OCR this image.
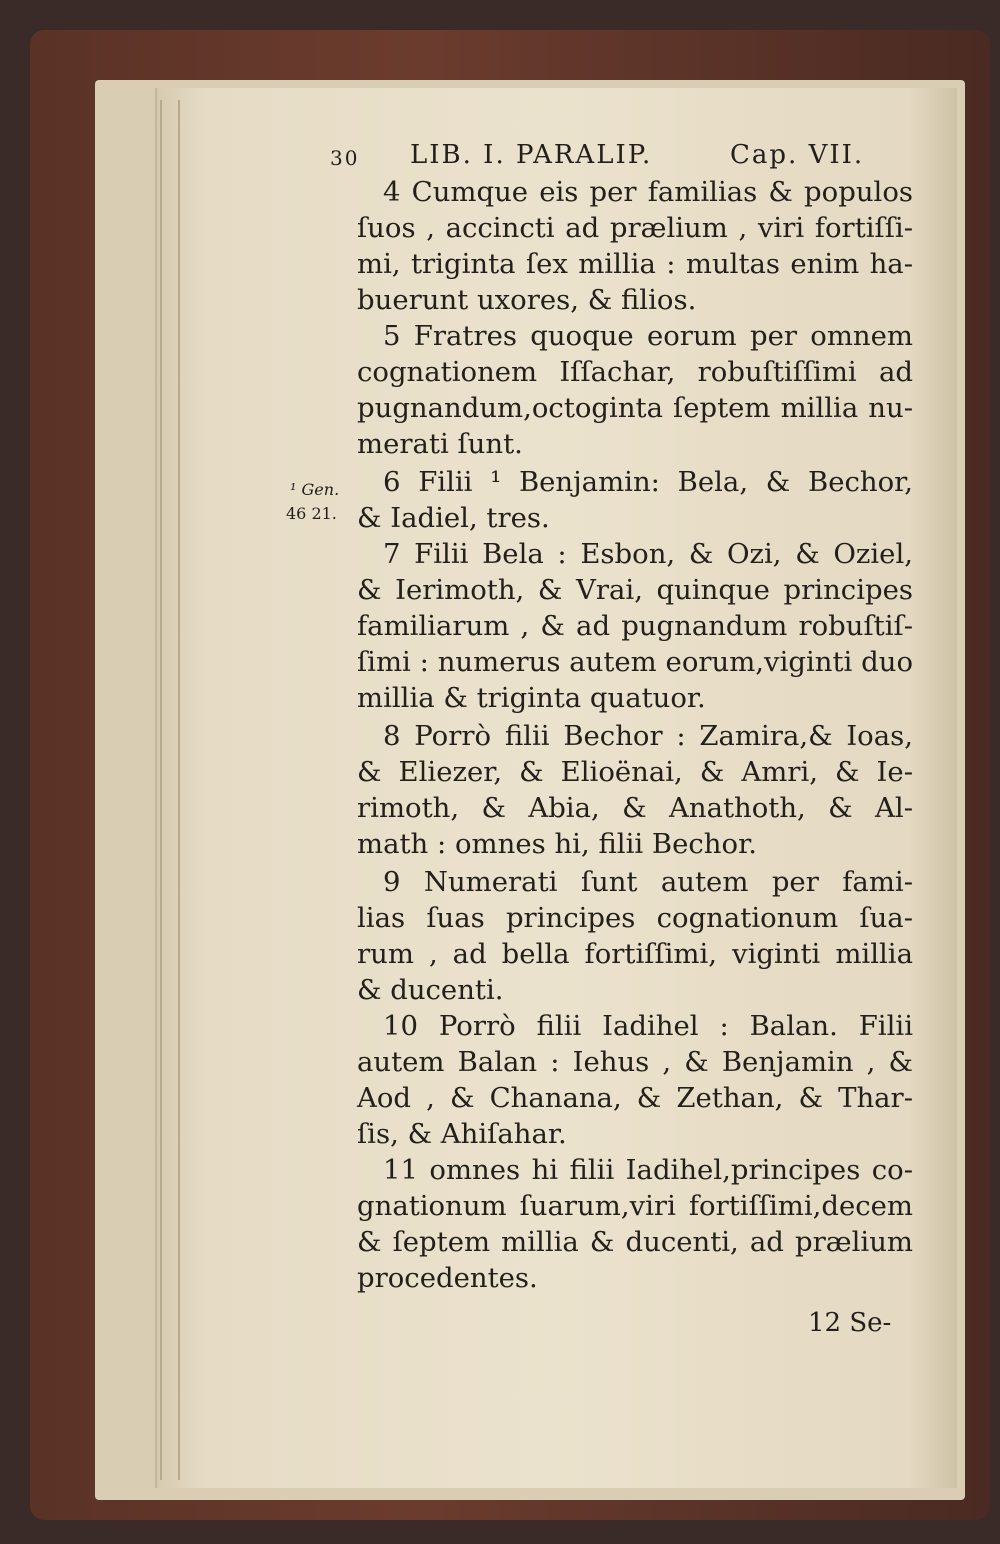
30 LIB. I. PARALIP.	Cap. VII.
¹ Gen.
46 21.
4 Cumque eis per familias & populos
ſuos , accincti ad prælium , viri fortiſſi-
mi, triginta ſex millia : multas enim ha-
buerunt uxores, & filios.
5 Fratres quoque eorum per omnem
cognationem Iſſachar, robuſtiſſimi ad
pugnandum,octoginta ſeptem millia nu-
merati ſunt.
6 Filii ¹ Benjamin: Bela, & Bechor,
& Iadiel, tres.
7 Filii Bela : Esbon, & Ozi, & Oziel,
& Ierimoth, & Vrai, quinque principes
familiarum , & ad pugnandum robuſtiſ-
ſimi : numerus autem eorum,viginti duo
millia & triginta quatuor.
8 Porrò filii Bechor : Zamira,& Ioas,
& Eliezer, & Elioënai, & Amri, & Ie-
rimoth, & Abia, & Anathoth, & Al-
math : omnes hi, filii Bechor.
9 Numerati ſunt autem per fami-
lias ſuas principes cognationum ſua-
rum , ad bella fortiſſimi, viginti millia
& ducenti.
10 Porrò filii Iadihel : Balan. Filii
autem Balan : Iehus , & Benjamin , &
Aod , & Chanana, & Zethan, & Thar-
ſis, & Ahiſahar.
11 omnes hi filii Iadihel,principes co-
gnationum ſuarum,viri fortiſſimi,decem
& ſeptem millia & ducenti, ad prælium
procedentes.
12 Se-
